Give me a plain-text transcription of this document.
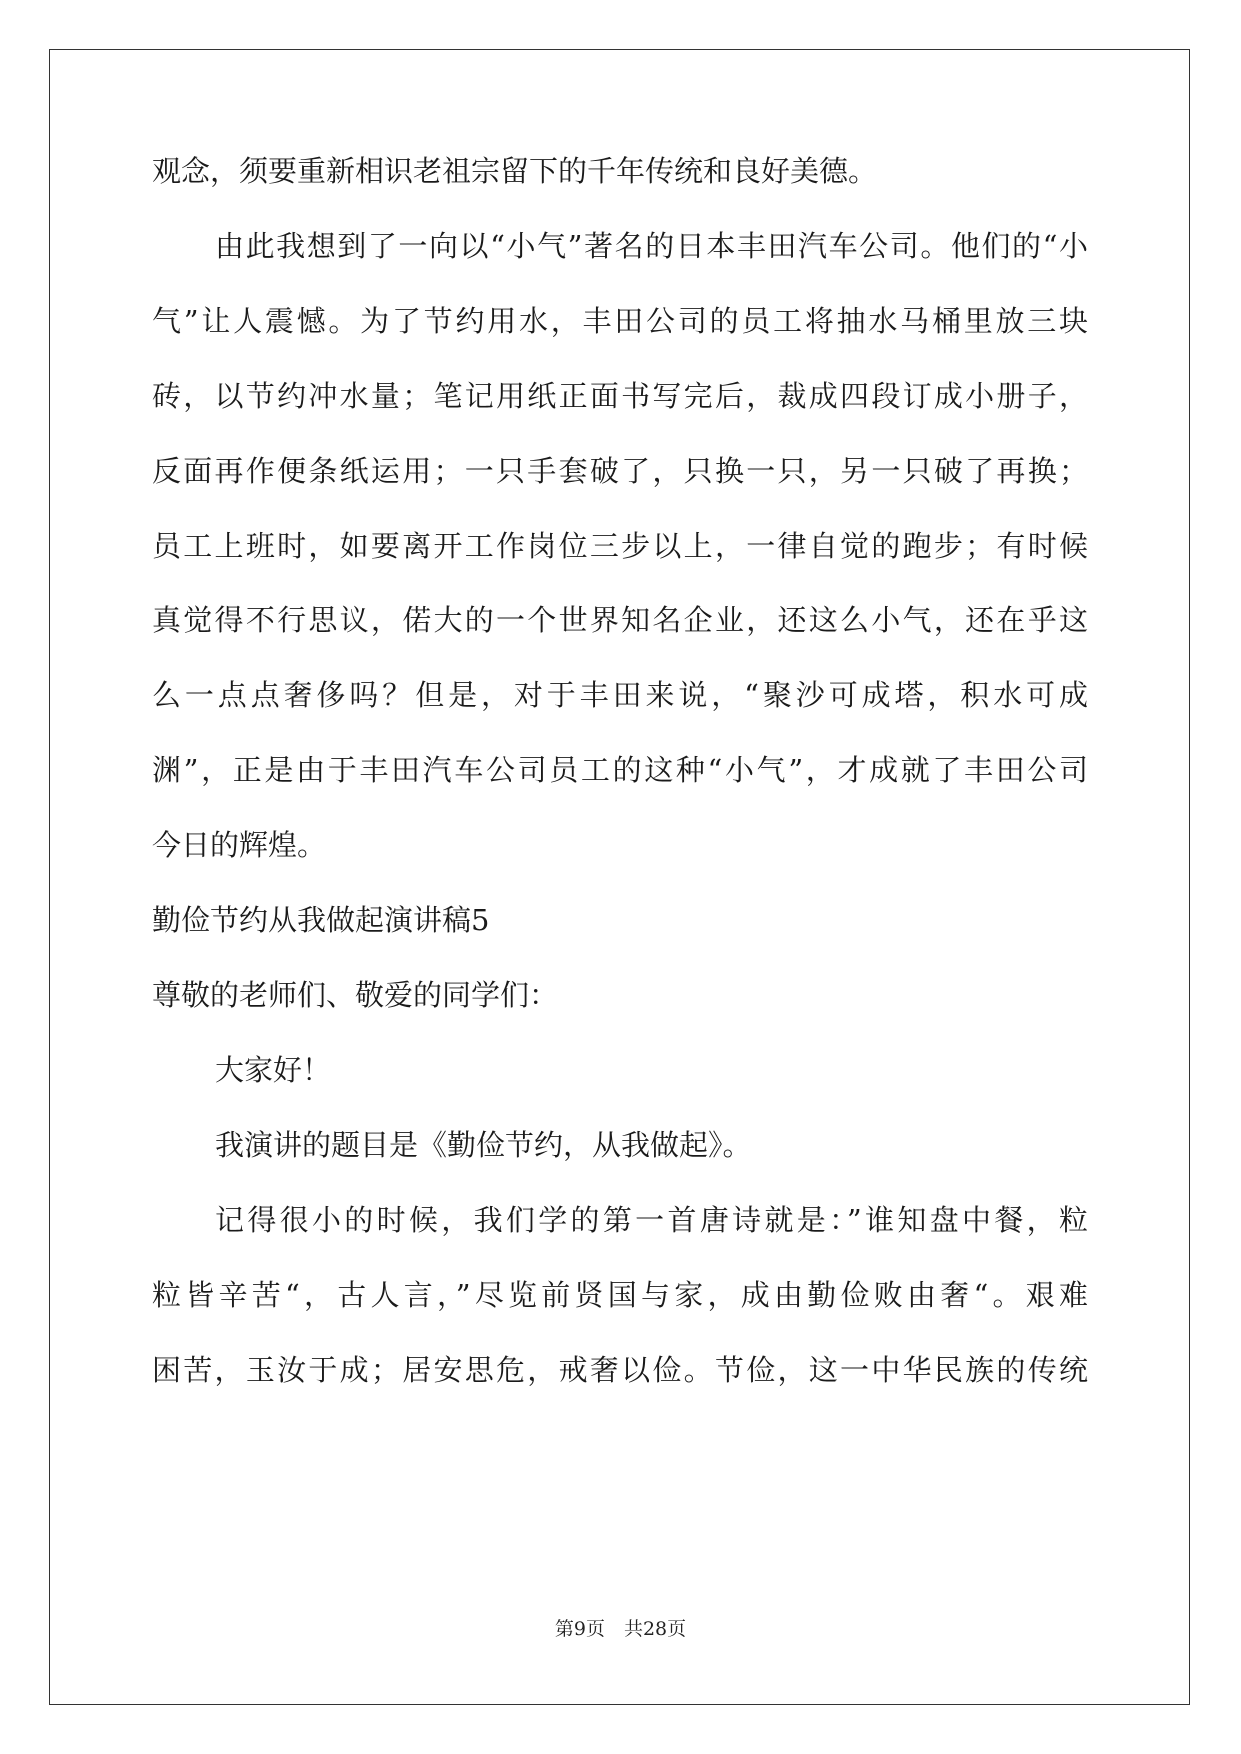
观念，须要重新相识老祖宗留下的千年传统和良好美德。
由此我想到了一向以“小气”著名的日本丰田汽车公司。他们的“小
气”让人震憾。为了节约用水，丰田公司的员工将抽水马桶里放三块
砖，以节约冲水量；笔记用纸正面书写完后，裁成四段订成小册子，
反面再作便条纸运用；一只手套破了，只换一只，另一只破了再换；
员工上班时，如要离开工作岗位三步以上，一律自觉的跑步；有时候
真觉得不行思议，偌大的一个世界知名企业，还这么小气，还在乎这
么一点点奢侈吗？但是，对于丰田来说，“聚沙可成塔，积水可成
渊”，正是由于丰田汽车公司员工的这种“小气”，才成就了丰田公司
今日的辉煌。
勤俭节约从我做起演讲稿5
尊敬的老师们、敬爱的同学们：
大家好！
我演讲的题目是《勤俭节约，从我做起》。
记得很小的时候，我们学的第一首唐诗就是：”谁知盘中餐，粒
粒皆辛苦“，古人言，”尽览前贤国与家，成由勤俭败由奢“。艰难
困苦，玉汝于成；居安思危，戒奢以俭。节俭，这一中华民族的传统
第9页　共28页
